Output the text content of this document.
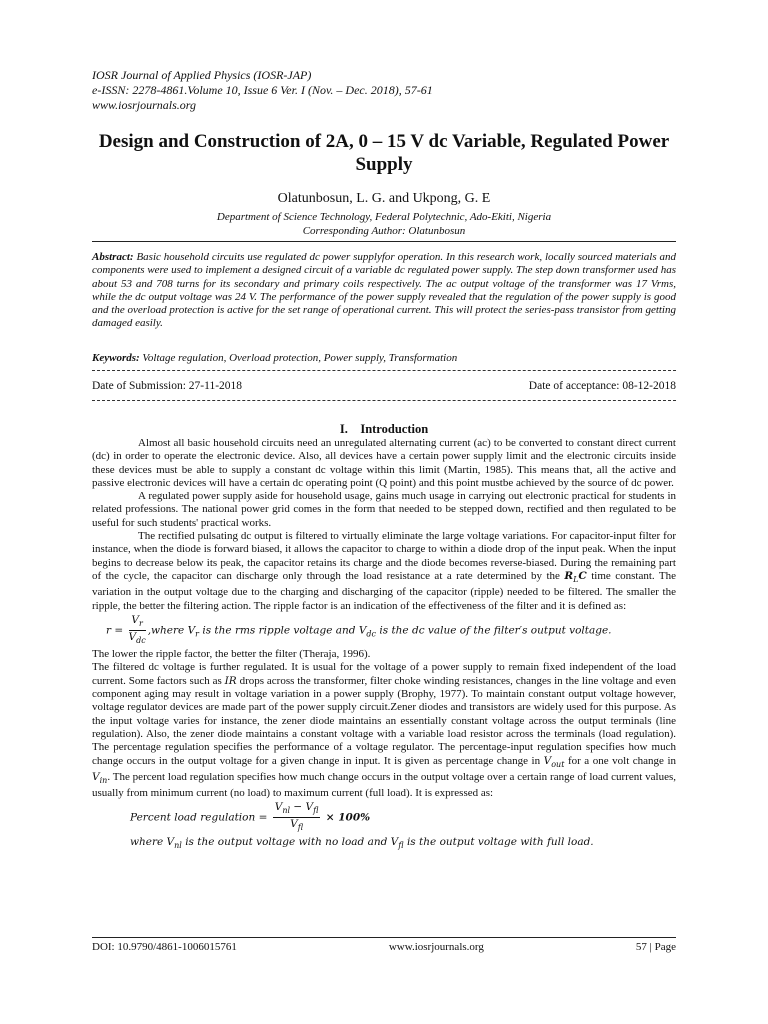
IOSR Journal of Applied Physics (IOSR-JAP)
e-ISSN: 2278-4861.Volume 10, Issue 6 Ver. I (Nov. – Dec. 2018), 57-61
www.iosrjournals.org
Design and Construction of 2A, 0 – 15 V dc Variable, Regulated Power Supply
Olatunbosun, L. G. and Ukpong, G. E
Department of Science Technology, Federal Polytechnic, Ado-Ekiti, Nigeria
Corresponding Author: Olatunbosun
Abstract: Basic household circuits use regulated dc power supplyfor operation. In this research work, locally sourced materials and components were used to implement a designed circuit of a variable dc regulated power supply. The step down transformer used has about 53 and 708 turns for its secondary and primary coils respectively. The ac output voltage of the transformer was 17 Vrms, while the dc output voltage was 24 V. The performance of the power supply revealed that the regulation of the power supply is good and the overload protection is active for the set range of operational current. This will protect the series-pass transistor from getting damaged easily.
Keywords: Voltage regulation, Overload protection, Power supply, Transformation
Date of Submission: 27-11-2018	Date of acceptance: 08-12-2018
I. Introduction

Almost all basic household circuits need an unregulated alternating current (ac) to be converted to constant direct current (dc) in order to operate the electronic device. Also, all devices have a certain power supply limit and the electronic circuits inside these devices must be able to supply a constant dc voltage within this limit (Martin, 1985). This means that, all the active and passive electronic devices will have a certain dc operating point (Q point) and this point mustbe achieved by the source of dc power.

A regulated power supply aside for household usage, gains much usage in carrying out electronic practical for students in related professions. The national power grid comes in the form that needed to be stepped down, rectified and then regulated to be useful for such students' practical works.

The rectified pulsating dc output is filtered to virtually eliminate the large voltage variations. For capacitor-input filter for instance, when the diode is forward biased, it allows the capacitor to charge to within a diode drop of the input peak. When the input begins to decrease below its peak, the capacitor retains its charge and the diode becomes reverse-biased. During the remaining part of the cycle, the capacitor can discharge only through the load resistance at a rate determined by the $R_LC$ time constant. The variation in the output voltage due to the charging and discharging of the capacitor (ripple) needed to be filtered. The smaller the ripple, the better the filtering action. The ripple factor is an indication of the effectiveness of the filter and it is defined as:

$r = \frac{V_r}{V_{dc}}$ ,where $V_r$ is the rms ripple voltage and $V_{dc}$ is the dc value of the filter′s output voltage.

The lower the ripple factor, the better the filter (Theraja, 1996).

The filtered dc voltage is further regulated. It is usual for the voltage of a power supply to remain fixed independent of the load current. Some factors such as IR drops across the transformer, filter choke winding resistances, changes in the line voltage and even component aging may result in voltage variation in a power supply (Brophy, 1977). To maintain constant output voltage however, voltage regulator devices are made part of the power supply circuit.Zener diodes and transistors are widely used for this purpose. As the input voltage varies for instance, the zener diode maintains an essentially constant voltage across the output terminals (line regulation). Also, the zener diode maintains a constant voltage with a variable load resistor across the terminals (load regulation). The percentage regulation specifies the performance of a voltage regulator. The percentage-input regulation specifies how much change occurs in the output voltage for a given change in input. It is given as percentage change in $V_{out}$ for a one volt change in $V_{in}$. The percent load regulation specifies how much change occurs in the output voltage over a certain range of load current values, usually from minimum current (no load) to maximum current (full load). It is expressed as:

Percent load regulation = $\frac{V_{nl} - V_{fl}}{V_{fl}} \times 100\%$
where $V_{nl}$ is the output voltage with no load and $V_{fl}$ is the output voltage with full load.
DOI: 10.9790/4861-1006015761	www.iosrjournals.org	57 | Page
